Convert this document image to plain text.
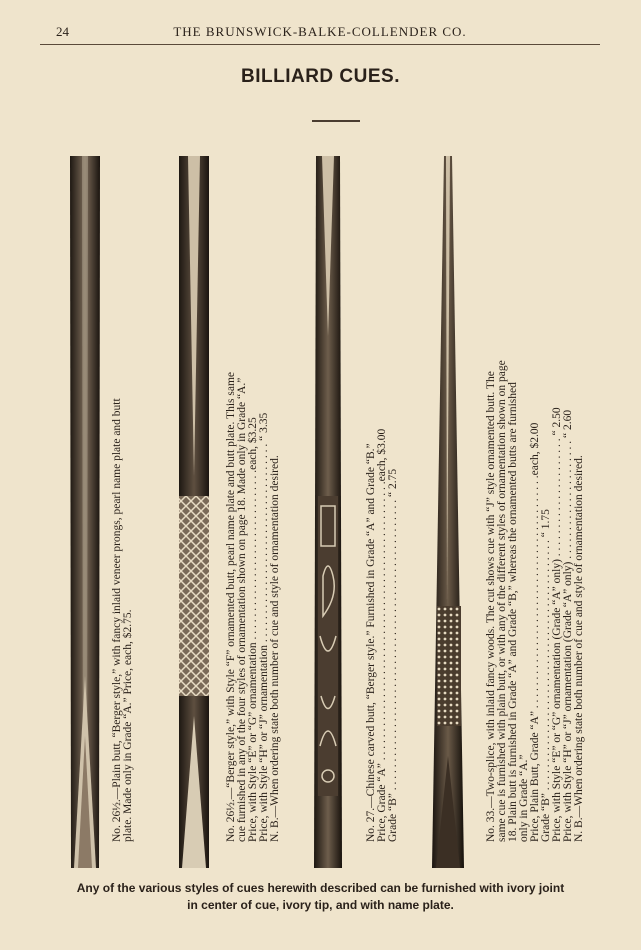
24	THE BRUNSWICK-BALKE-COLLENDER CO.
BILLIARD CUES.

No. 26½.—Plain butt, “Berger style,” with fancy inlaid veneer prongs, pearl name plate and butt plate. Made only in Grade “A.” Price, each, $2.75.	No. 26½.—“Berger style,” with Style “F” ornamented butt, pearl name plate and butt plate. This same cue furnished in any of the four styles of ornamentation shown on page 18. Made only in Grade “A.” Price, with Style “E” or “G” ornamentation . . . . . . . . . . . . . . . . . . . . . . . . . . . . . .each, $3.25 Price, with Style “H” or “J” ornamentation . . . . . . . . . . . . . . . . . . . . . . . . . . . . . . . . . . . “ 3.35 N. B.—When ordering state both number of cue and style of ornamentation desired.	No. 27.—Chinese carved butt, “Berger style.” Furnished in Grade “A” and Grade “B.” Price, Grade “A” . . . . . . . . . . . . . . . . . . . . . . . . . . . . . . . . . . . . . . . . . . . . . . . . .each, $3.00 Grade “B” . . . . . . . . . . . . . . . . . . . . . . . . . . . . . . . . . . . . . . . . . . . . . . . . . . . “ 2.75	No. 33.—Two-splice, with inlaid fancy woods. The cut shows cue with “J” style ornamented butt. The same cue is furnished with plain butt, or with any of the different styles of ornamentation shown on page 18. Plain butt is furnished in Grade “A” and Grade “B,” whereas the ornamented butts are furnished only in Grade “A.” Price, Plain Butt, Grade “A” . . . . . . . . . . . . . . . . . . . . . . . . . . . . . . . . . . . . . . . . .each, $2.00 Grade “B” . . . . . . . . . . . . . . . . . . . . . . . . . . . . . . . . . . . . . . . . . . . . “ 1.75 Price, with Style “E” or “G” ornamentation (Grade “A” only) . . . . . . . . . . . . . . . . . . . . . “ 2.50 Price, with Style “H” or “J” ornamentation (Grade “A” only) . . . . . . . . . . . . . . . . . . . . . “ 2.60 N. B.—When ordering state both number of cue and style of ornamentation desired.

Any of the various styles of cues herewith described can be furnished with ivory joint
in center of cue, ivory tip, and with name plate.
